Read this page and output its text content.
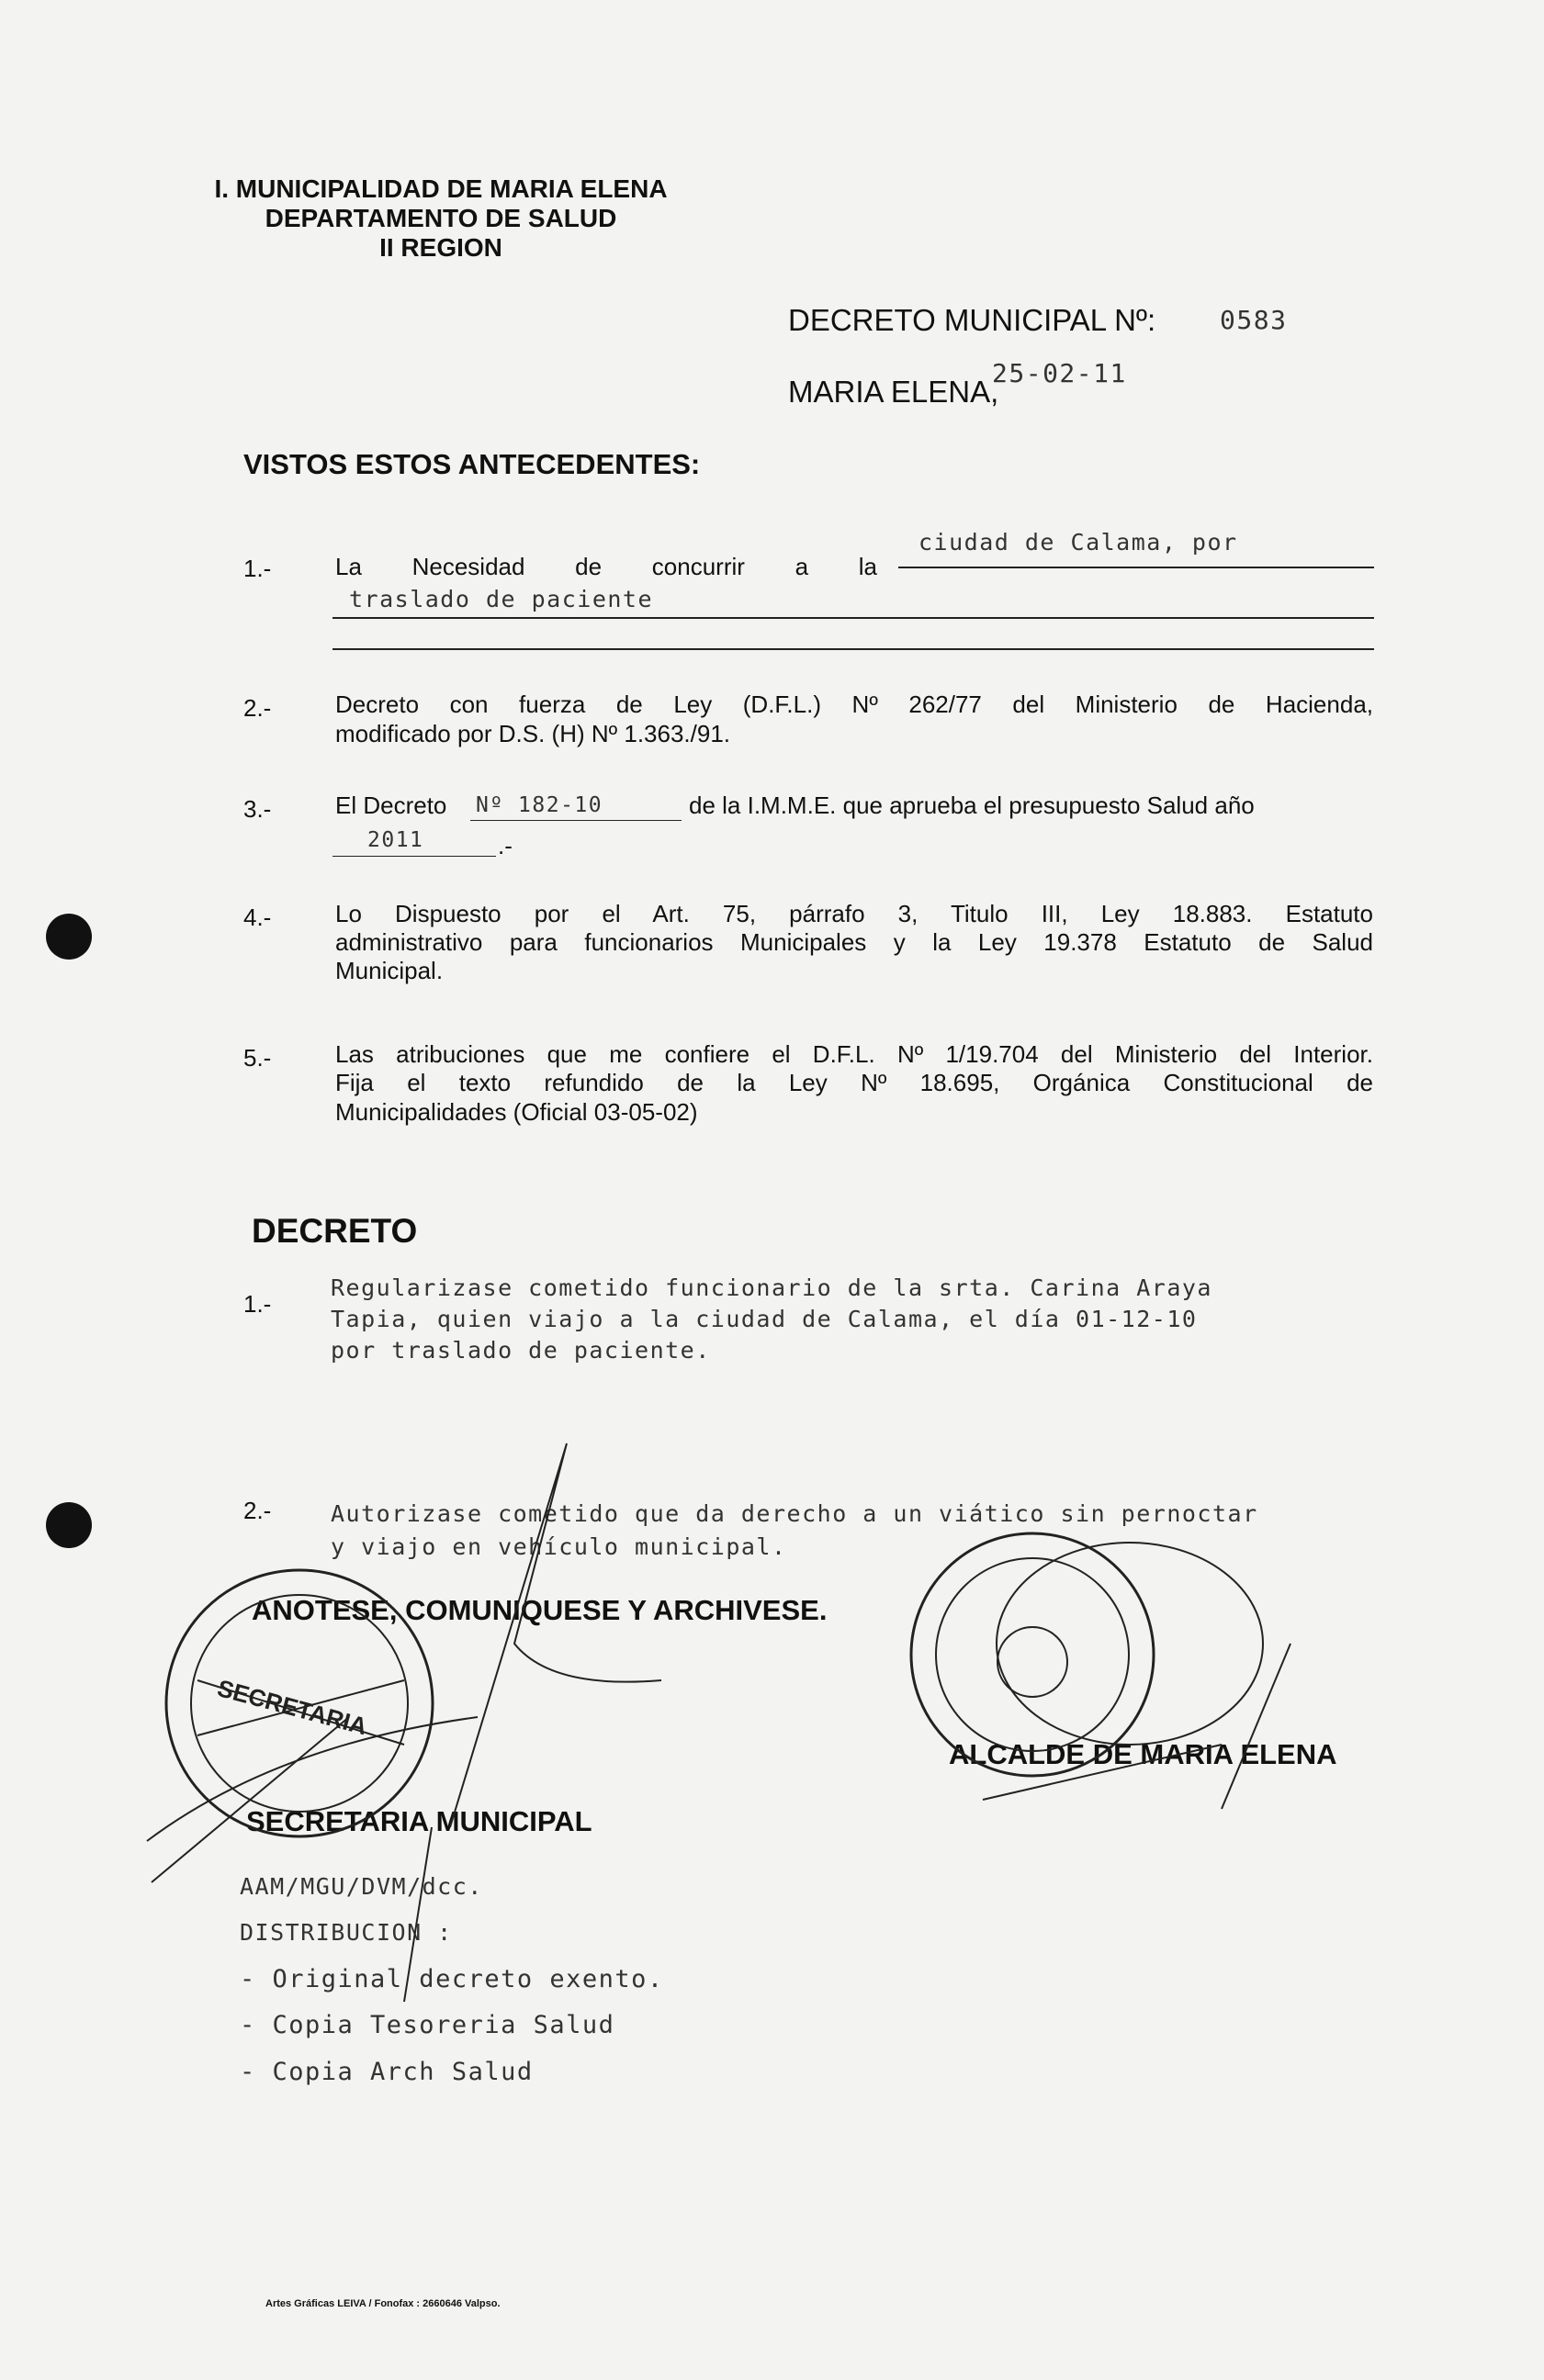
I. MUNICIPALIDAD DE MARIA ELENA
DEPARTAMENTO DE SALUD
II REGION
DECRETO MUNICIPAL Nº: 0583
MARIA ELENA,
25-02-11
VISTOS ESTOS ANTECEDENTES:
1.-	La Necesidad de concurrir a la
ciudad de Calama, por
traslado de paciente
2.-	Decreto con fuerza de Ley (D.F.L.) Nº 262/77 del Ministerio de Hacienda,
modificado por D.S. (H) Nº 1.363./91.
3.-	El Decreto Nº 182-10	de la I.M.M.E. que aprueba el presupuesto Salud año
2011	.-
4.-	Lo Dispuesto por el Art. 75, párrafo 3, Titulo III, Ley 18.883. Estatuto
administrativo para funcionarios Municipales y la Ley 19.378 Estatuto de Salud
Municipal.
5.-	Las atribuciones que me confiere el D.F.L. Nº 1/19.704 del Ministerio del Interior.
Fija el texto refundido de la Ley Nº 18.695, Orgánica Constitucional de
Municipalidades (Oficial 03-05-02)
DECRETO
1.-
Regularizase cometido funcionario de la srta. Carina Araya
Tapia, quien viajo a la ciudad de Calama, el día 01-12-10
por traslado de paciente.
2.-	Autorizase cometido que da derecho a un viático sin pernoctar
y viajo en vehículo municipal.
ANOTESE, COMUNIQUESE Y ARCHIVESE.
ALCALDE DE MARIA ELENA
SECRETARIA MUNICIPAL
AAM/MGU/DVM/dcc.
DISTRIBUCION :
- Original decreto exento.
- Copia Tesoreria Salud
- Copia Arch Salud
Artes Gráficas LEIVA / Fonofax : 2660646 Valpso.
SECRETARIA
